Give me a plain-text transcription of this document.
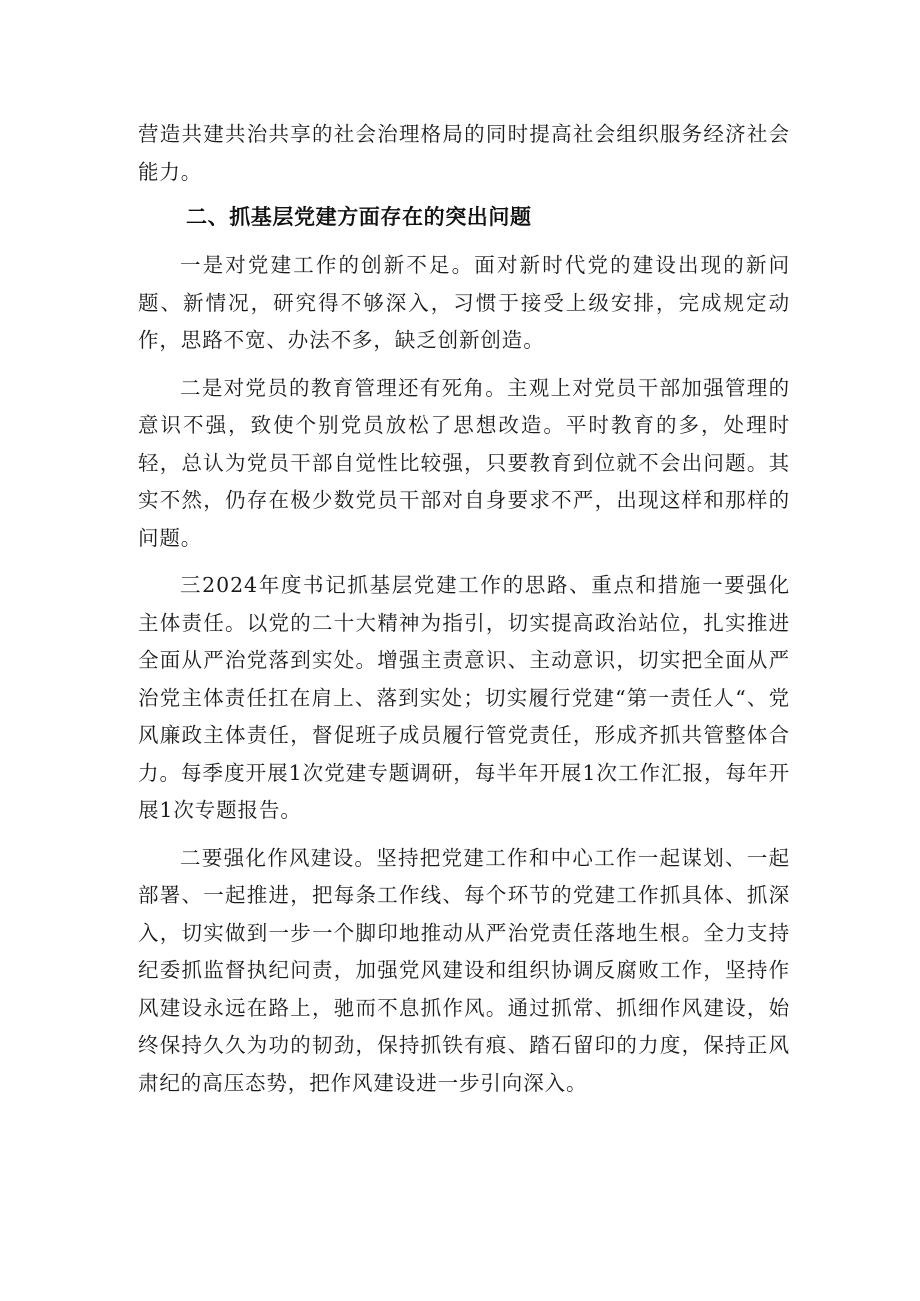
营造共建共治共享的社会治理格局的同时提高社会组织服务经济社会能力。

二、抓基层党建方面存在的突出问题

一是对党建工作的创新不足。面对新时代党的建设出现的新问题、新情况，研究得不够深入，习惯于接受上级安排，完成规定动作，思路不宽、办法不多，缺乏创新创造。

二是对党员的教育管理还有死角。主观上对党员干部加强管理的意识不强，致使个别党员放松了思想改造。平时教育的多，处理时轻，总认为党员干部自觉性比较强，只要教育到位就不会出问题。其实不然，仍存在极少数党员干部对自身要求不严，出现这样和那样的问题。

三2024年度书记抓基层党建工作的思路、重点和措施一要强化主体责任。以党的二十大精神为指引，切实提高政治站位，扎实推进全面从严治党落到实处。增强主责意识、主动意识，切实把全面从严治党主体责任扛在肩上、落到实处；切实履行党建“第一责任人“、党风廉政主体责任，督促班子成员履行管党责任，形成齐抓共管整体合力。每季度开展1次党建专题调研，每半年开展1次工作汇报，每年开展1次专题报告。

二要强化作风建设。坚持把党建工作和中心工作一起谋划、一起部署、一起推进，把每条工作线、每个环节的党建工作抓具体、抓深入，切实做到一步一个脚印地推动从严治党责任落地生根。全力支持纪委抓监督执纪问责，加强党风建设和组织协调反腐败工作，坚持作风建设永远在路上，驰而不息抓作风。通过抓常、抓细作风建设，始终保持久久为功的韧劲，保持抓铁有痕、踏石留印的力度，保持正风肃纪的高压态势，把作风建设进一步引向深入。
